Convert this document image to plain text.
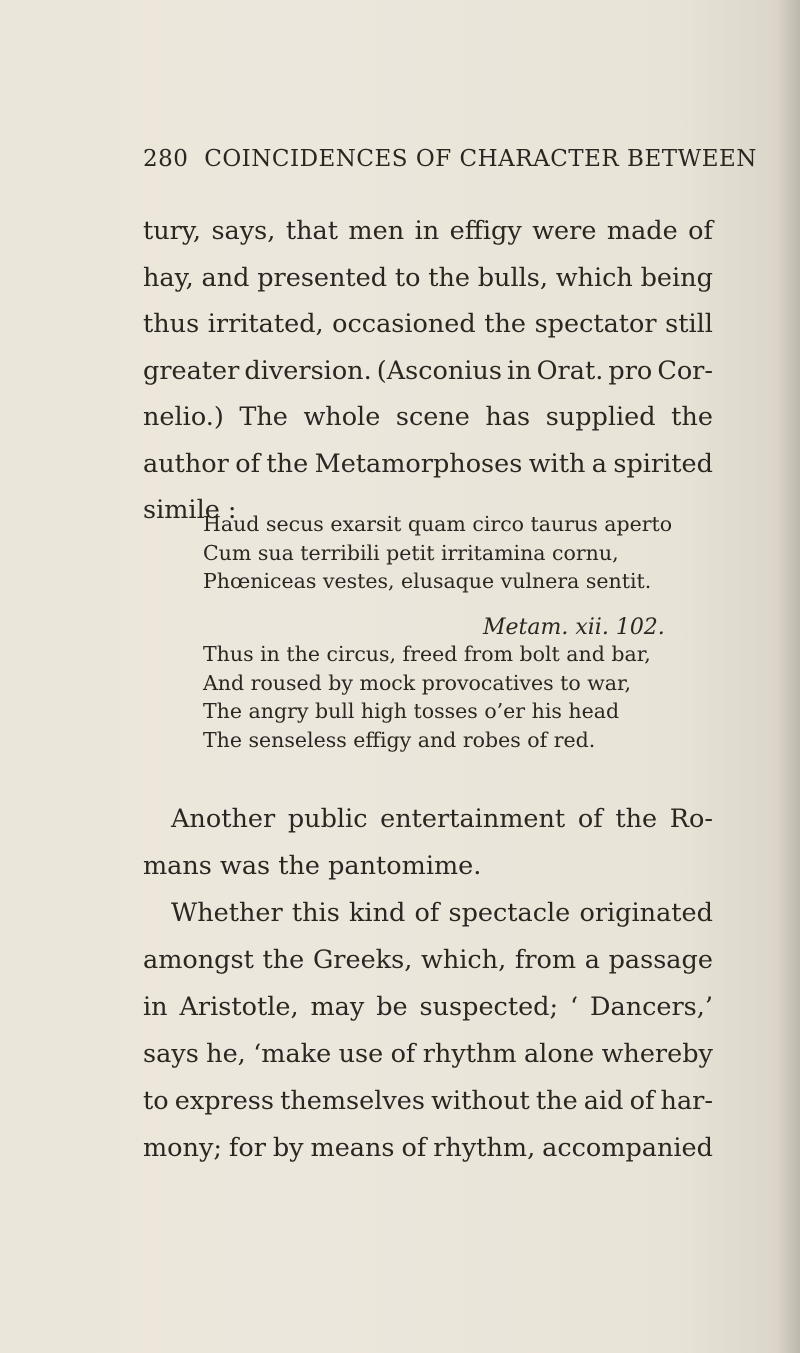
280 COINCIDENCES OF CHARACTER BETWEEN
tury, says, that men in effigy were made of
hay, and presented to the bulls, which being
thus irritated, occasioned the spectator still
greater diversion. (Asconius in Orat. pro Cor-
nelio.) The whole scene has supplied the
author of the Metamorphoses with a spirited
simile :
Haud secus exarsit quam circo taurus aperto
Cum sua terribili petit irritamina cornu,
Phœniceas vestes, elusaque vulnera sentit.
Metam. xii. 102.
Thus in the circus, freed from bolt and bar,
And roused by mock provocatives to war,
The angry bull high tosses o’er his head
The senseless effigy and robes of red.
Another public entertainment of the Ro-
mans was the pantomime.
Whether this kind of spectacle originated
amongst the Greeks, which, from a passage
in Aristotle, may be suspected; ‘ Dancers,’
says he, ‘make use of rhythm alone whereby
to express themselves without the aid of har-
mony; for by means of rhythm, accompanied
